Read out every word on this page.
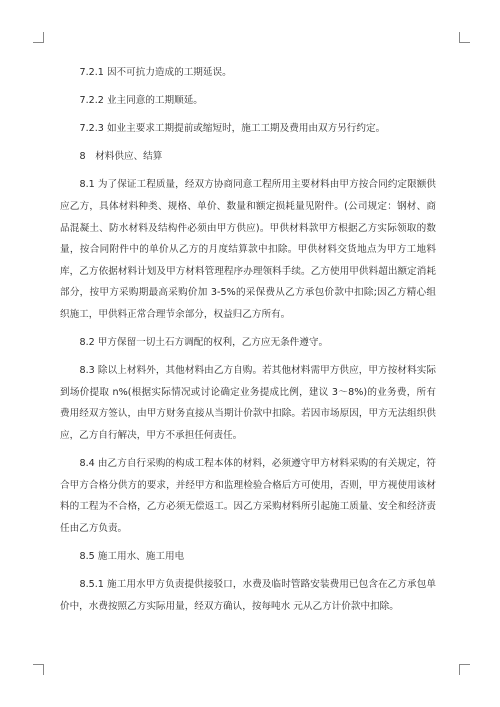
7.2.1 因不可抗力造成的工期延误。

7.2.2 业主同意的工期顺延。

7.2.3 如业主要求工期提前或缩短时，施工工期及费用由双方另行约定。

8　材料供应、结算

8.1 为了保证工程质量，经双方协商同意工程所用主要材料由甲方按合同约定限额供应乙方，具体材料种类、规格、单价、数量和额定损耗量见附件。(公司规定：钢材、商品混凝土、防水材料及结构件必须由甲方供应)。甲供材料款甲方根据乙方实际领取的数量，按合同附件中的单价从乙方的月度结算款中扣除。甲供材料交货地点为甲方工地料库，乙方依据材料计划及甲方材料管理程序办理领料手续。乙方使用甲供料超出额定消耗部分，按甲方采购期最高采购价加 3-5%的采保费从乙方承包价款中扣除;因乙方精心组织施工，甲供料正常合理节余部分，权益归乙方所有。

8.2 甲方保留一切土石方调配的权利，乙方应无条件遵守。

8.3 除以上材料外，其他材料由乙方自购。若其他材料需甲方供应，甲方按材料实际到场价提取 n%(根据实际情况或讨论确定业务提成比例，建议 3～8%)的业务费，所有费用经双方签认，由甲方财务直接从当期计价款中扣除。若因市场原因，甲方无法组织供应，乙方自行解决，甲方不承担任何责任。

8.4 由乙方自行采购的构成工程本体的材料，必须遵守甲方材料采购的有关规定，符合甲方合格分供方的要求，并经甲方和监理检验合格后方可使用，否则，甲方视使用该材料的工程为不合格，乙方必须无偿返工。因乙方采购材料所引起施工质量、安全和经济责任由乙方负责。

8.5 施工用水、施工用电

8.5.1 施工用水甲方负责提供接驳口，水费及临时管路安装费用已包含在乙方承包单价中，水费按照乙方实际用量，经双方确认，按每吨水 元从乙方计价款中扣除。
